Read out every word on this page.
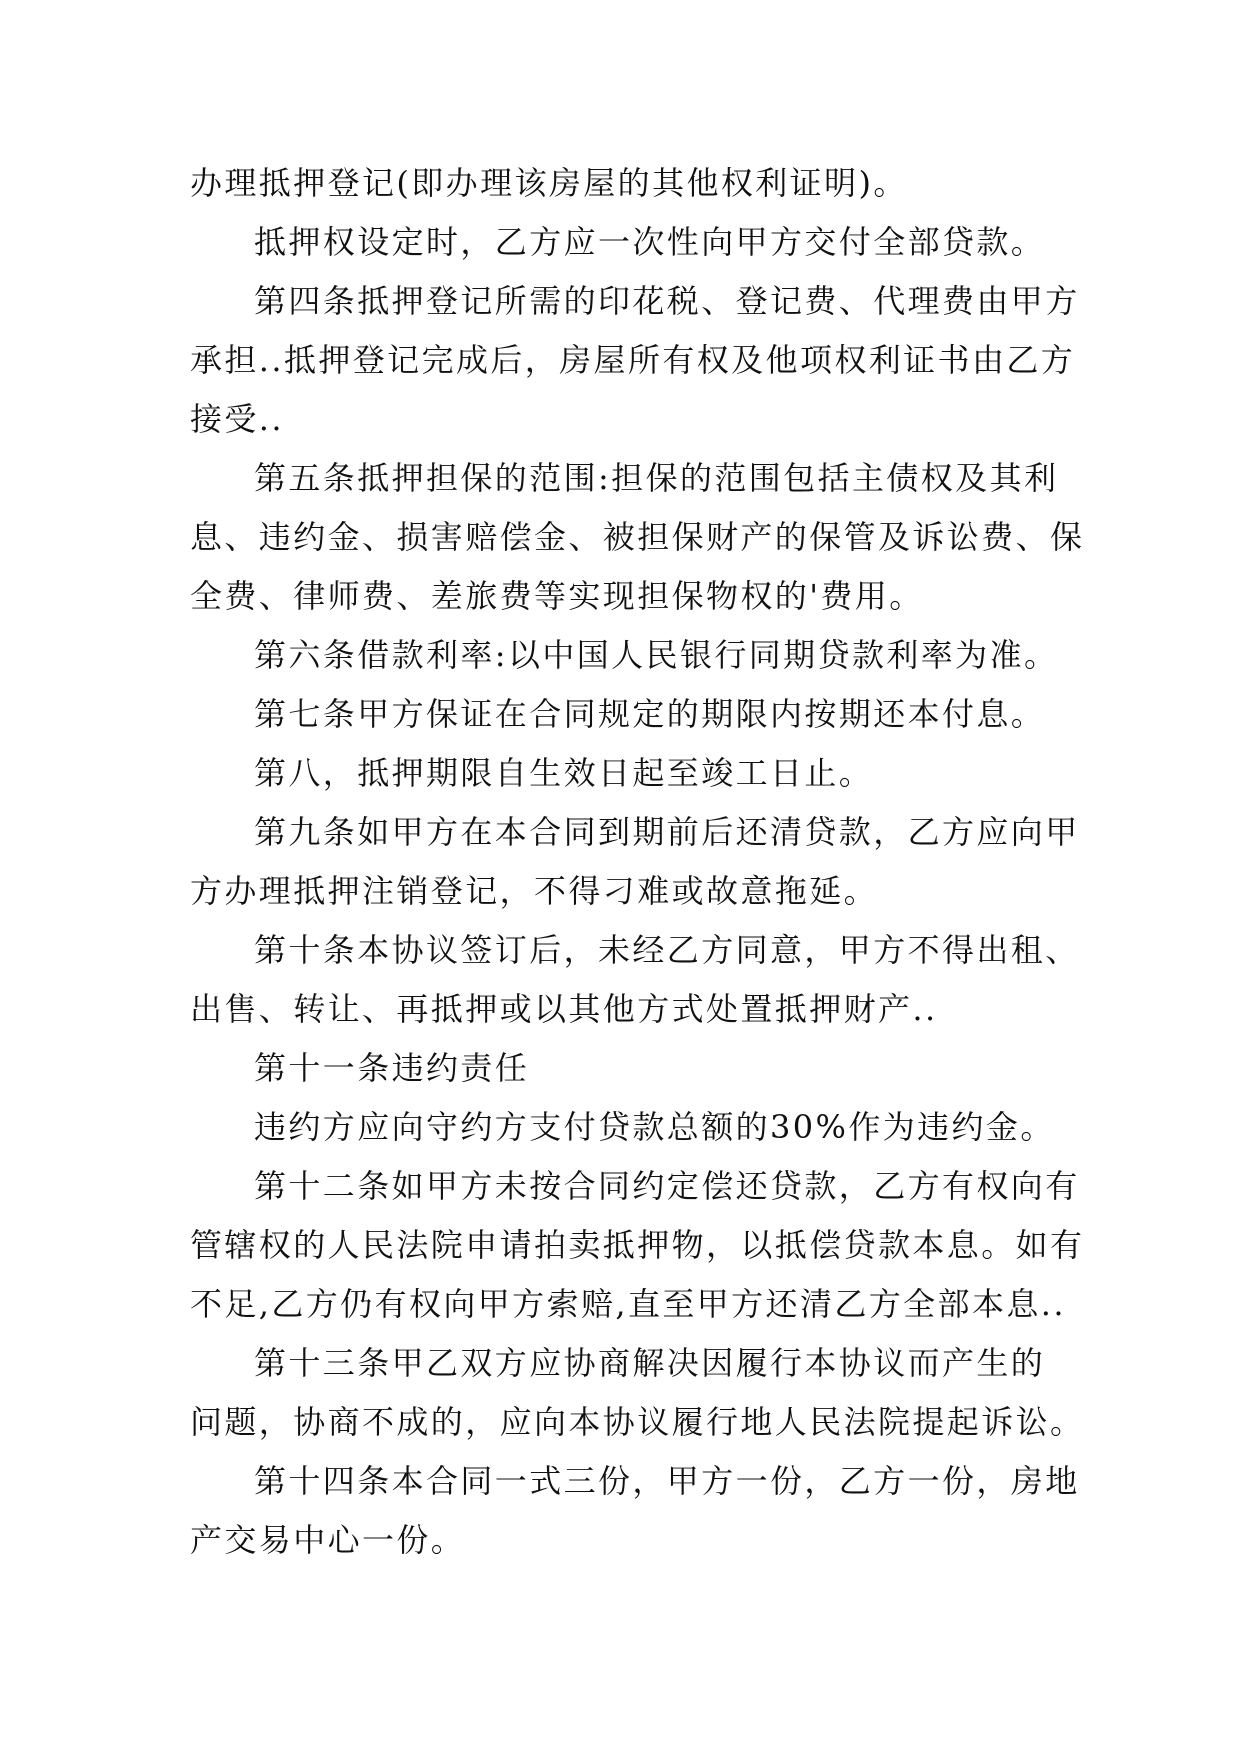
办理抵押登记(即办理该房屋的其他权利证明)。

抵押权设定时，乙方应一次性向甲方交付全部贷款。

第四条抵押登记所需的印花税、登记费、代理费由甲方

承担..抵押登记完成后，房屋所有权及他项权利证书由乙方

接受..

第五条抵押担保的范围:担保的范围包括主债权及其利

息、违约金、损害赔偿金、被担保财产的保管及诉讼费、保

全费、律师费、差旅费等实现担保物权的'费用。

第六条借款利率:以中国人民银行同期贷款利率为准。

第七条甲方保证在合同规定的期限内按期还本付息。

第八，抵押期限自生效日起至竣工日止。

第九条如甲方在本合同到期前后还清贷款，乙方应向甲

方办理抵押注销登记，不得刁难或故意拖延。

第十条本协议签订后，未经乙方同意，甲方不得出租、

出售、转让、再抵押或以其他方式处置抵押财产..

第十一条违约责任

违约方应向守约方支付贷款总额的30%作为违约金。

第十二条如甲方未按合同约定偿还贷款，乙方有权向有

管辖权的人民法院申请拍卖抵押物，以抵偿贷款本息。如有

不足,乙方仍有权向甲方索赔,直至甲方还清乙方全部本息..

第十三条甲乙双方应协商解决因履行本协议而产生的

问题，协商不成的，应向本协议履行地人民法院提起诉讼。

第十四条本合同一式三份，甲方一份，乙方一份，房地

产交易中心一份。
